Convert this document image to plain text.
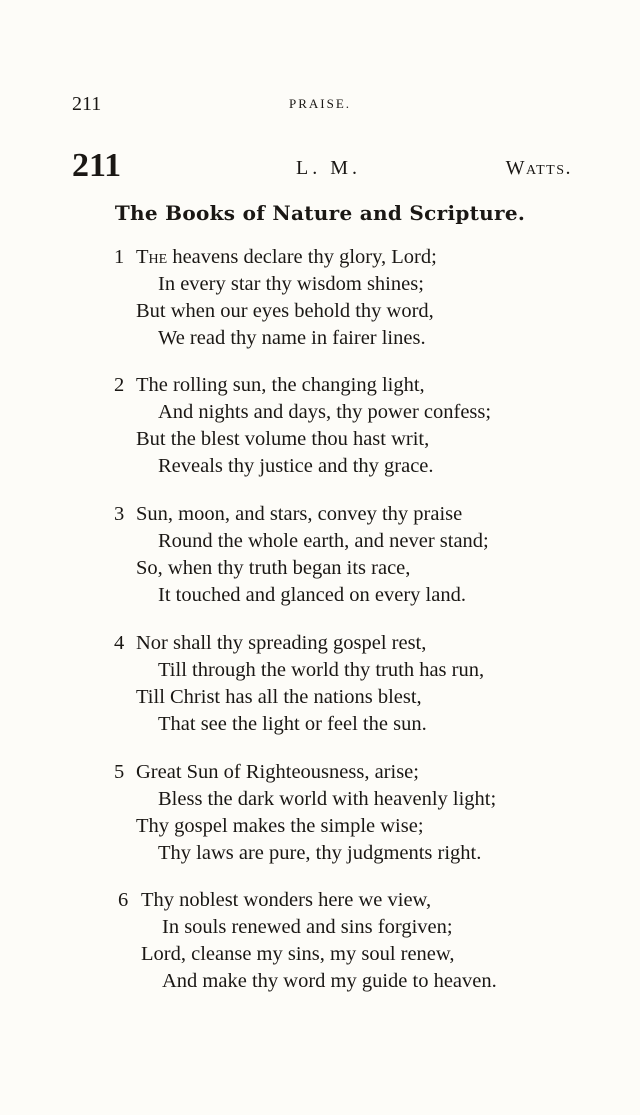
211	PRAISE.
211	L. M.	Watts.
The Books of Nature and Scripture.
1 The heavens declare thy glory, Lord;
In every star thy wisdom shines;
But when our eyes behold thy word,
We read thy name in fairer lines.
2 The rolling sun, the changing light,
And nights and days, thy power confess;
But the blest volume thou hast writ,
Reveals thy justice and thy grace.
3 Sun, moon, and stars, convey thy praise
Round the whole earth, and never stand;
So, when thy truth began its race,
It touched and glanced on every land.
4 Nor shall thy spreading gospel rest,
Till through the world thy truth has run,
Till Christ has all the nations blest,
That see the light or feel the sun.
5 Great Sun of Righteousness, arise;
Bless the dark world with heavenly light;
Thy gospel makes the simple wise;
Thy laws are pure, thy judgments right.
6 Thy noblest wonders here we view,
In souls renewed and sins forgiven;
Lord, cleanse my sins, my soul renew,
And make thy word my guide to heaven.
